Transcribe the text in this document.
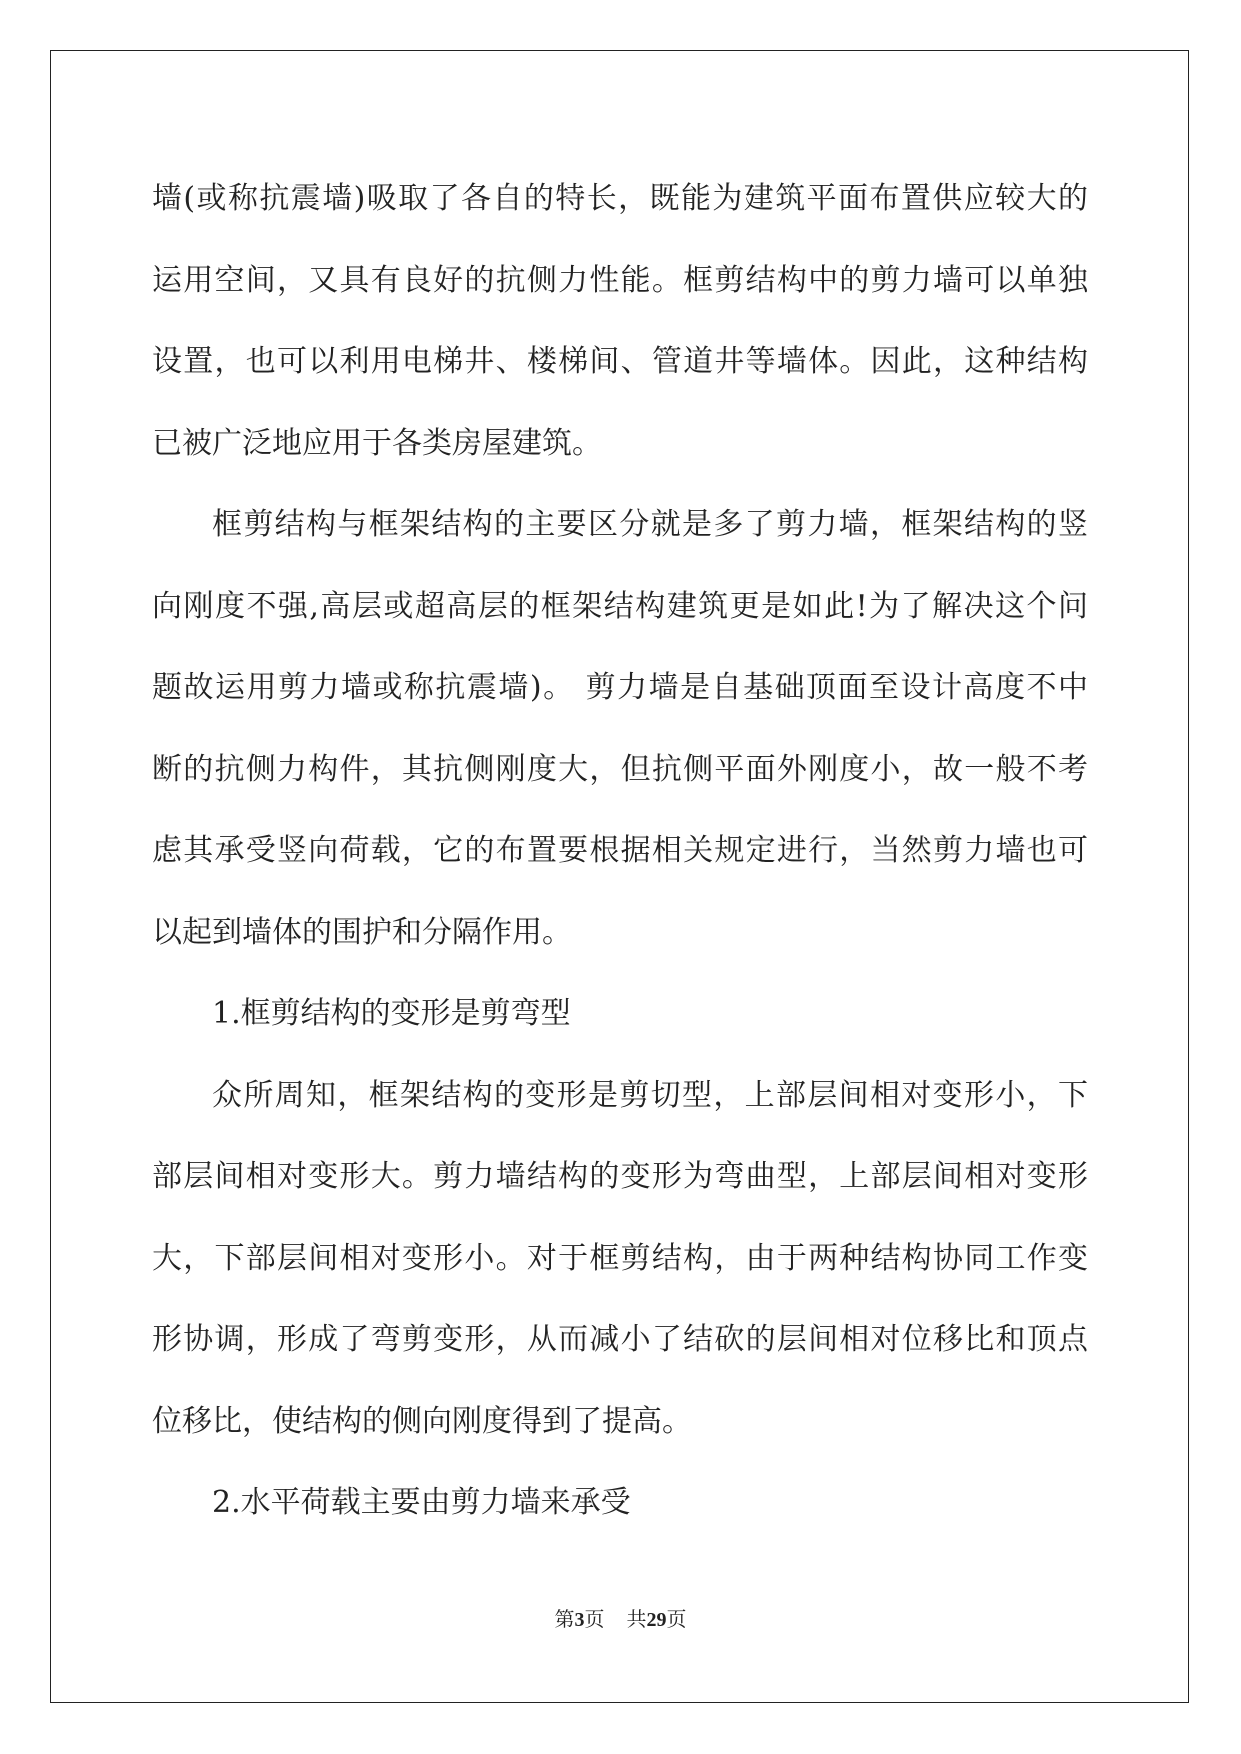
墙(或称抗震墙)吸取了各自的特长，既能为建筑平面布置供应较大的
运用空间，又具有良好的抗侧力性能。框剪结构中的剪力墙可以单独
设置，也可以利用电梯井、楼梯间、管道井等墙体。因此，这种结构
已被广泛地应用于各类房屋建筑。
框剪结构与框架结构的主要区分就是多了剪力墙，框架结构的竖
向刚度不强,高层或超高层的框架结构建筑更是如此!为了解决这个问
题故运用剪力墙或称抗震墙)。 剪力墙是自基础顶面至设计高度不中
断的抗侧力构件，其抗侧刚度大，但抗侧平面外刚度小，故一般不考
虑其承受竖向荷载，它的布置要根据相关规定进行，当然剪力墙也可
以起到墙体的围护和分隔作用。
1.框剪结构的变形是剪弯型
众所周知，框架结构的变形是剪切型，上部层间相对变形小，下
部层间相对变形大。剪力墙结构的变形为弯曲型，上部层间相对变形
大，下部层间相对变形小。对于框剪结构，由于两种结构协同工作变
形协调，形成了弯剪变形，从而减小了结砍的层间相对位移比和顶点
位移比，使结构的侧向刚度得到了提高。
2.水平荷载主要由剪力墙来承受
第3页 共29页
